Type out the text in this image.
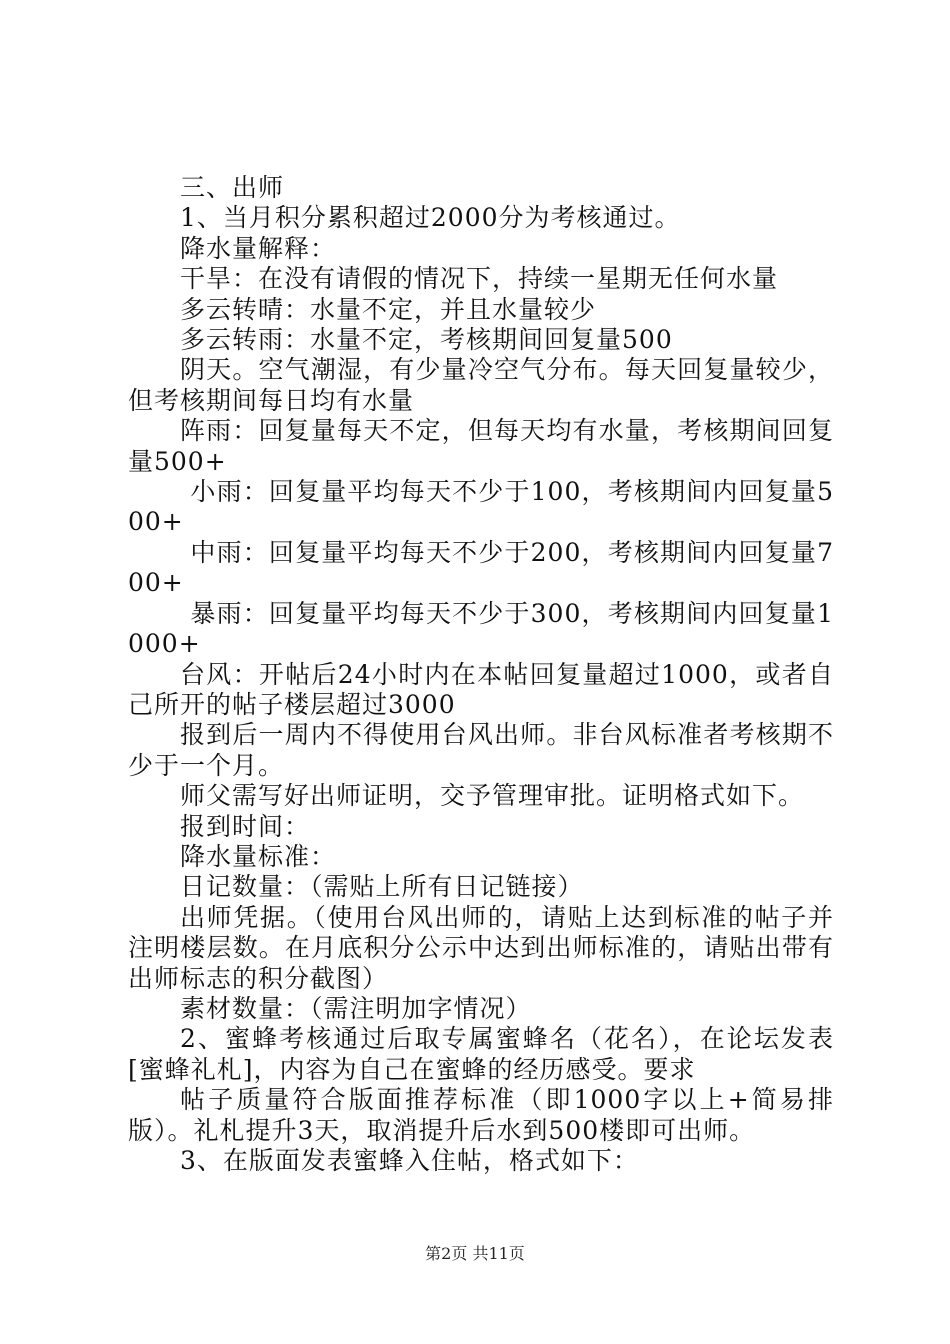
三、出师

1、当月积分累积超过2000分为考核通过。

降水量解释：

干旱：在没有请假的情况下，持续一星期无任何水量

多云转晴：水量不定，并且水量较少

多云转雨：水量不定，考核期间回复量500

阴天。空气潮湿，有少量冷空气分布。每天回复量较少，但考核期间每日均有水量

阵雨：回复量每天不定，但每天均有水量，考核期间回复量500+

小雨：回复量平均每天不少于100，考核期间内回复量500+

中雨：回复量平均每天不少于200，考核期间内回复量700+

暴雨：回复量平均每天不少于300，考核期间内回复量1000+

台风：开帖后24小时内在本帖回复量超过1000，或者自己所开的帖子楼层超过3000

报到后一周内不得使用台风出师。非台风标准者考核期不少于一个月。

师父需写好出师证明，交予管理审批。证明格式如下。

报到时间：

降水量标准：

日记数量：（需贴上所有日记链接）

出师凭据。（使用台风出师的，请贴上达到标准的帖子并注明楼层数。在月底积分公示中达到出师标准的，请贴出带有出师标志的积分截图）

素材数量：（需注明加字情况）

2、蜜蜂考核通过后取专属蜜蜂名（花名），在论坛发表[蜜蜂礼札]，内容为自己在蜜蜂的经历感受。要求

帖子质量符合版面推荐标准（即1000字以上+简易排版）。礼札提升3天，取消提升后水到500楼即可出师。

3、在版面发表蜜蜂入住帖，格式如下：

第2页 共11页
